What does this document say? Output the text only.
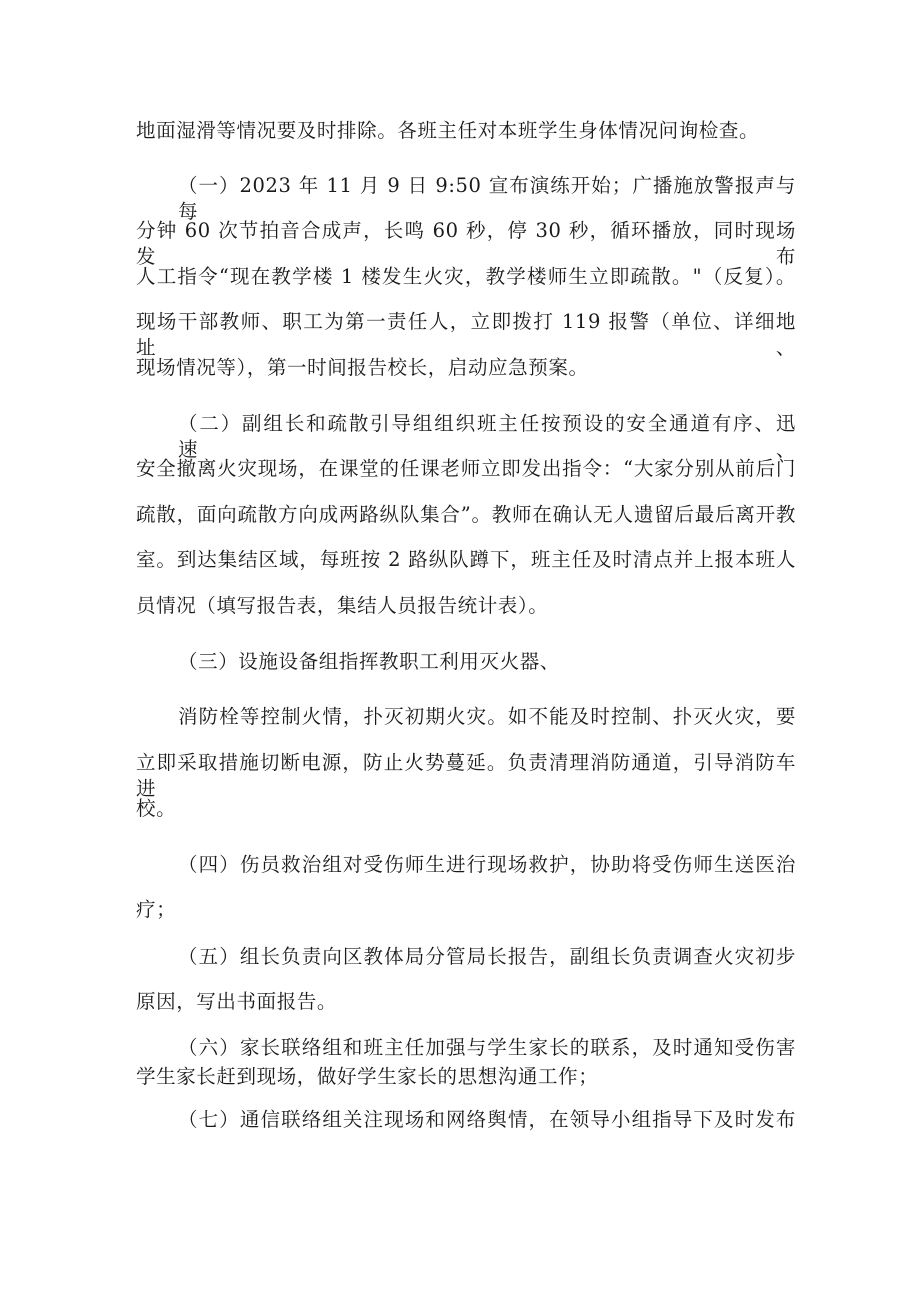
地面湿滑等情况要及时排除。各班主任对本班学生身体情况问询检查。
（一）2023 年 11 月 9 日 9:50 宣布演练开始；广播施放警报声与每
分钟 60 次节拍音合成声，长鸣 60 秒，停 30 秒，循环播放，同时现场发布
人工指令“现在教学楼 1 楼发生火灾，教学楼师生立即疏散。"（反复）。
现场干部教师、职工为第一责任人，立即拨打 119 报警（单位、详细地址、
现场情况等），第一时间报告校长，启动应急预案。
（二）副组长和疏散引导组组织班主任按预设的安全通道有序、迅速、
安全撤离火灾现场，在课堂的任课老师立即发出指令：“大家分别从前后门
疏散，面向疏散方向成两路纵队集合”。教师在确认无人遗留后最后离开教
室。到达集结区域，每班按 2 路纵队蹲下，班主任及时清点并上报本班人
员情况（填写报告表，集结人员报告统计表）。
（三）设施设备组指挥教职工利用灭火器、
消防栓等控制火情，扑灭初期火灾。如不能及时控制、扑灭火灾，要
立即采取措施切断电源，防止火势蔓延。负责清理消防通道，引导消防车进
校。
（四）伤员救治组对受伤师生进行现场救护，协助将受伤师生送医治
疗；
（五）组长负责向区教体局分管局长报告，副组长负责调查火灾初步
原因，写出书面报告。
（六）家长联络组和班主任加强与学生家长的联系，及时通知受伤害
学生家长赶到现场，做好学生家长的思想沟通工作；
（七）通信联络组关注现场和网络舆情，在领导小组指导下及时发布
